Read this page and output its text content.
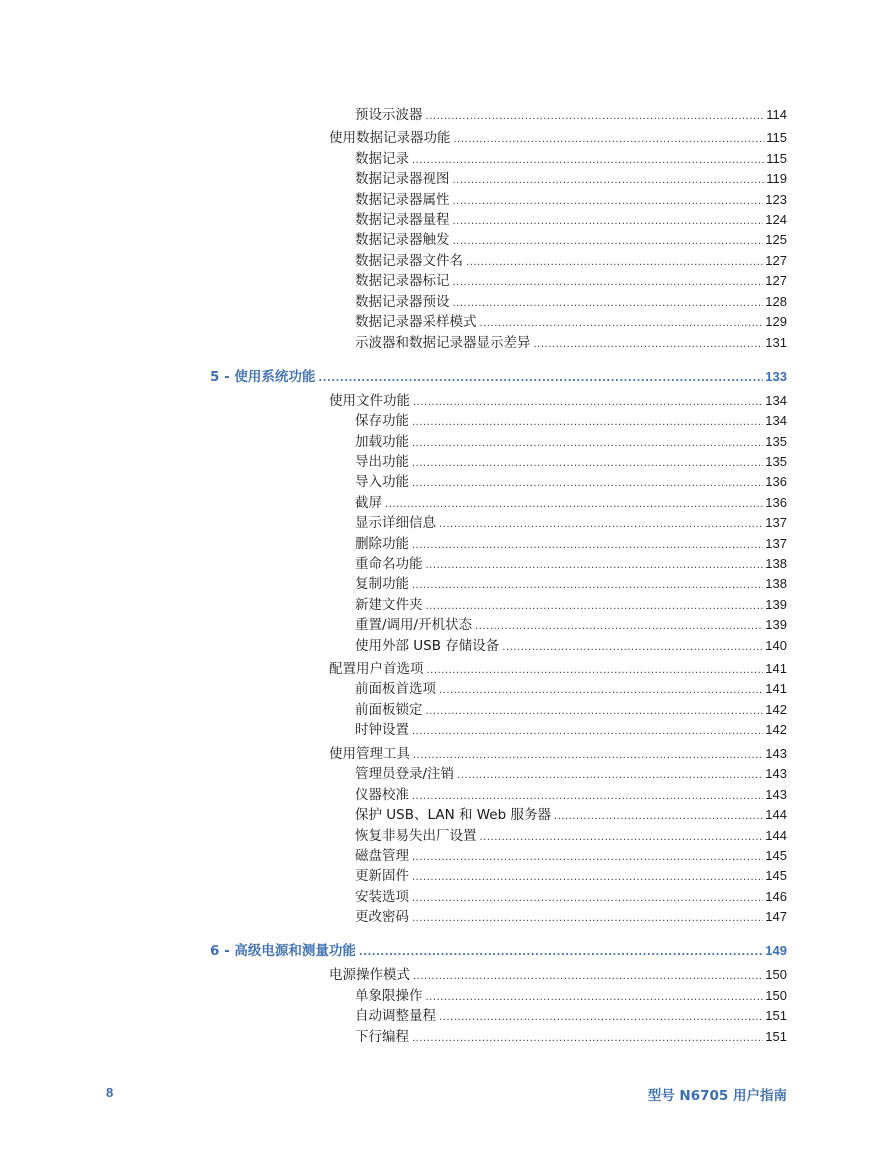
预设示波器 .....	114
使用数据记录器功能 .....	115
数据记录 .....	115
数据记录器视图 .....	119
数据记录器属性 .....	123
数据记录器量程 .....	124
数据记录器触发 .....	125
数据记录器文件名 .....	127
数据记录器标记 .....	127
数据记录器预设 .....	128
数据记录器采样模式 .....	129
示波器和数据记录器显示差异 .....	131
5 - 使用系统功能 .....	133
使用文件功能 .....	134
保存功能 .....	134
加载功能 .....	135
导出功能 .....	135
导入功能 .....	136
截屏 .....	136
显示详细信息 .....	137
删除功能 .....	137
重命名功能 .....	138
复制功能 .....	138
新建文件夹 .....	139
重置/调用/开机状态 .....	139
使用外部 USB 存储设备 .....	140
配置用户首选项 .....	141
前面板首选项 .....	141
前面板锁定 .....	142
时钟设置 .....	142
使用管理工具 .....	143
管理员登录/注销 .....	143
仪器校准 .....	143
保护 USB、LAN 和 Web 服务器 .....	144
恢复非易失出厂设置 .....	144
磁盘管理 .....	145
更新固件 .....	145
安装选项 .....	146
更改密码 .....	147
6 - 高级电源和测量功能 .....	149
电源操作模式 .....	150
单象限操作 .....	150
自动调整量程 .....	151
下行编程 .....	151
8	型号 N6705 用户指南
